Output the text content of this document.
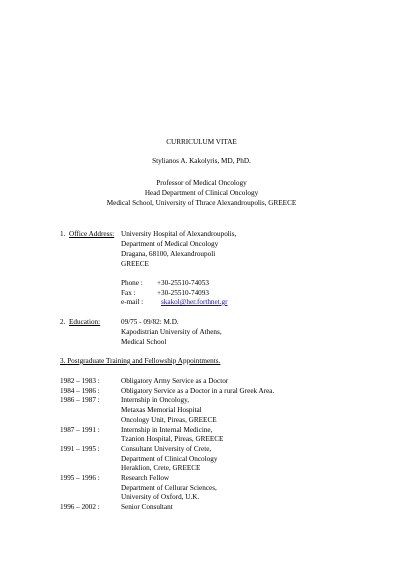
CURRICULUM VITAE
Stylianos A. Kakolyris, MD, PhD.
Professor of Medical Oncology
Head Department of Clinical Oncology
Medical School, University of Thrace Alexandroupolis, GREECE
1. Office Address: University Hospital of Alexandroupolis,
Department of Medical Oncology
Dragana, 68100, Alexandroupoli
GREECE
Phone : +30-25510-74053
Fax :	+30-25510-74093
e-mail : skakol@her.forthnet.gr
2. Education:	09/75 - 09/82: M.D.
Kapodistrian University of Athens,
Medical School
3. Postgraduate Training and Fellowship Appointments.
1982 – 1983 :	Obligatory Army Service as a Doctor
1984 – 1986 :	Obligatory Service as a Doctor in a rural Greek Area.
1986 – 1987 :	Internship in Oncology,
Metaxas Memorial Hospital
Oncology Unit, Pireas, GREECE
1987 – 1991 :	Internship in Internal Medicine,
Tzanion Hospital, Pireas, GREECE
1991 – 1995 :	Consultant University of Crete,
Department of Clinical Oncology
Heraklion, Crete, GREECE
1995 – 1996 :	Research Fellow
Department of Cellurar Sciences,
University of Oxford, U.K.
1996 – 2002 :	Senior Consultant
